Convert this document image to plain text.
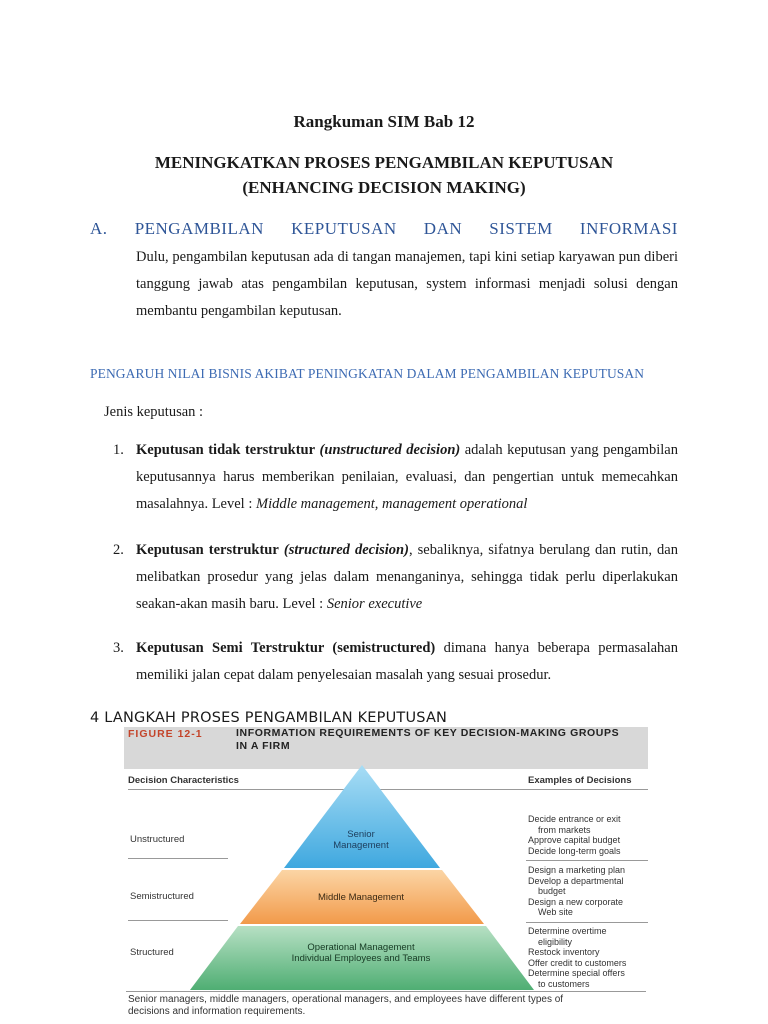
Rangkuman SIM Bab 12
MENINGKATKAN PROSES PENGAMBILAN KEPUTUSAN
(ENHANCING DECISION MAKING)
A. PENGAMBILAN KEPUTUSAN DAN SISTEM INFORMASI
Dulu, pengambilan keputusan ada di tangan manajemen, tapi kini setiap karyawan pun diberi tanggung jawab atas pengambilan keputusan, system informasi menjadi solusi dengan membantu pengambilan keputusan.
PENGARUH NILAI BISNIS AKIBAT PENINGKATAN DALAM PENGAMBILAN KEPUTUSAN
Jenis keputusan :
1. Keputusan tidak terstruktur (unstructured decision) adalah keputusan yang pengambilan keputusannya harus memberikan penilaian, evaluasi, dan pengertian untuk memecahkan masalahnya. Level : Middle management, management operational
2. Keputusan terstruktur (structured decision), sebaliknya, sifatnya berulang dan rutin, dan melibatkan prosedur yang jelas dalam menanganinya, sehingga tidak perlu diperlakukan seakan-akan masih baru. Level : Senior executive
3. Keputusan Semi Terstruktur (semistructured) dimana hanya beberapa permasalahan memiliki jalan cepat dalam penyelesaian masalah yang sesuai prosedur.
4 LANGKAH PROSES PENGAMBILAN KEPUTUSAN
FIGURE 12-1	INFORMATION REQUIREMENTS OF KEY DECISION-MAKING GROUPS
IN A FIRM
Decision Characteristics	Examples of Decisions
Senior
Management
Middle Management
Operational Management
Individual Employees and Teams
Unstructured
Semistructured
Structured
Decide entrance or exit
from markets
Approve capital budget
Decide long-term goals
Design a marketing plan
Develop a departmental
budget
Design a new corporate
Web site
Determine overtime
eligibility
Restock inventory
Offer credit to customers
Determine special offers
to customers
Senior managers, middle managers, operational managers, and employees have different types of
decisions and information requirements.
